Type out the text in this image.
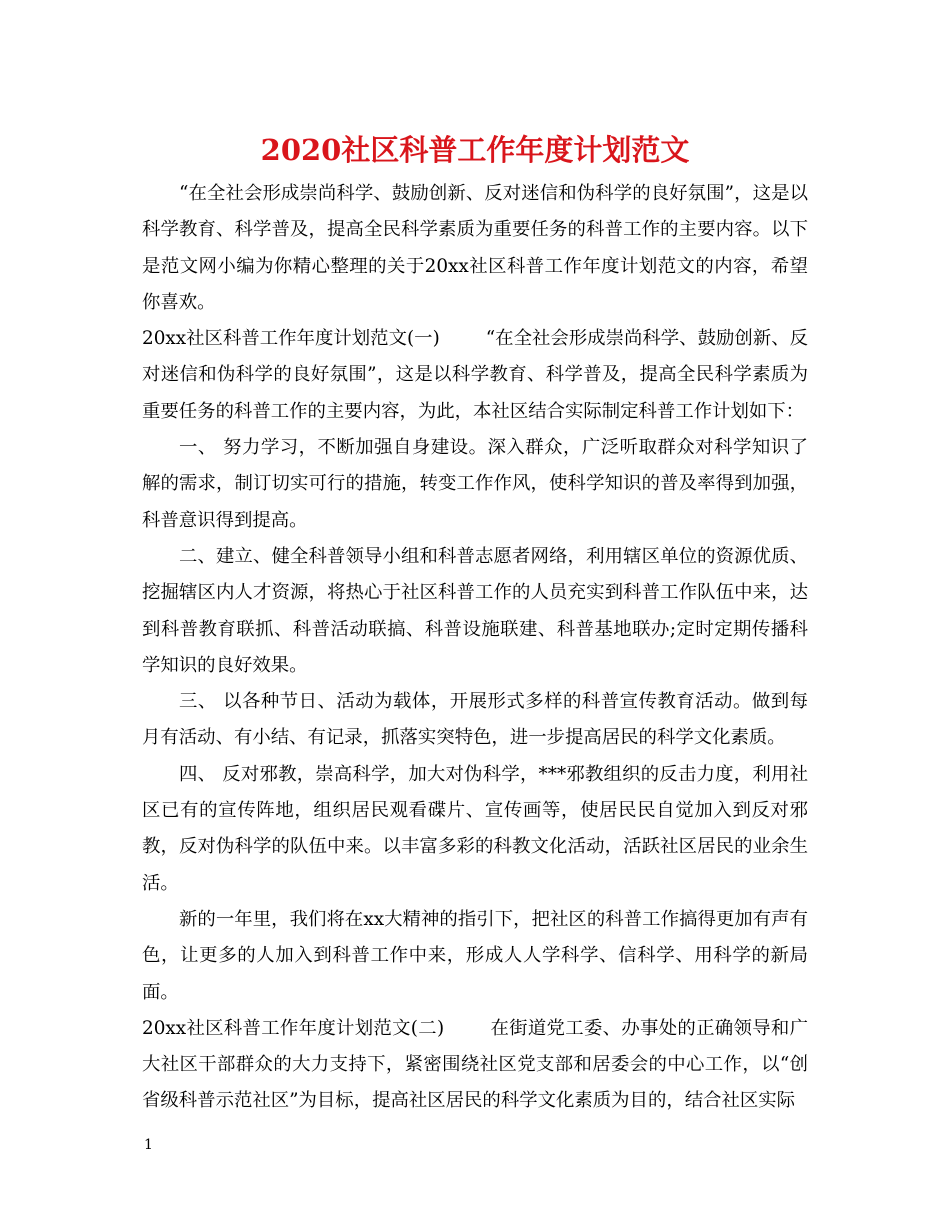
2020社区科普工作年度计划范文

“在全社会形成崇尚科学、鼓励创新、反对迷信和伪科学的良好氛围”，这是以科学教育、科学普及，提高全民科学素质为重要任务的科普工作的主要内容。以下是范文网小编为你精心整理的关于20xx社区科普工作年度计划范文的内容，希望你喜欢。

20xx社区科普工作年度计划范文(一)	“在全社会形成崇尚科学、鼓励创新、反对迷信和伪科学的良好氛围”，这是以科学教育、科学普及，提高全民科学素质为重要任务的科普工作的主要内容，为此，本社区结合实际制定科普工作计划如下：

一、 努力学习，不断加强自身建设。深入群众，广泛听取群众对科学知识了解的需求，制订切实可行的措施，转变工作作风，使科学知识的普及率得到加强，科普意识得到提高。

二、建立、健全科普领导小组和科普志愿者网络，利用辖区单位的资源优质、挖掘辖区内人才资源，将热心于社区科普工作的人员充实到科普工作队伍中来，达到科普教育联抓、科普活动联搞、科普设施联建、科普基地联办;定时定期传播科学知识的良好效果。

三、 以各种节日、活动为载体，开展形式多样的科普宣传教育活动。做到每月有活动、有小结、有记录，抓落实突特色，进一步提高居民的科学文化素质。

四、 反对邪教，崇高科学，加大对伪科学，***邪教组织的反击力度，利用社区已有的宣传阵地，组织居民观看碟片、宣传画等，使居民民自觉加入到反对邪教，反对伪科学的队伍中来。以丰富多彩的科教文化活动，活跃社区居民的业余生活。

新的一年里，我们将在xx大精神的指引下，把社区的科普工作搞得更加有声有色，让更多的人加入到科普工作中来，形成人人学科学、信科学、用科学的新局面。

20xx社区科普工作年度计划范文(二)	在街道党工委、办事处的正确领导和广大社区干部群众的大力支持下，紧密围绕社区党支部和居委会的中心工作，以“创省级科普示范社区”为目标，提高社区居民的科学文化素质为目的，结合社区实际

1
